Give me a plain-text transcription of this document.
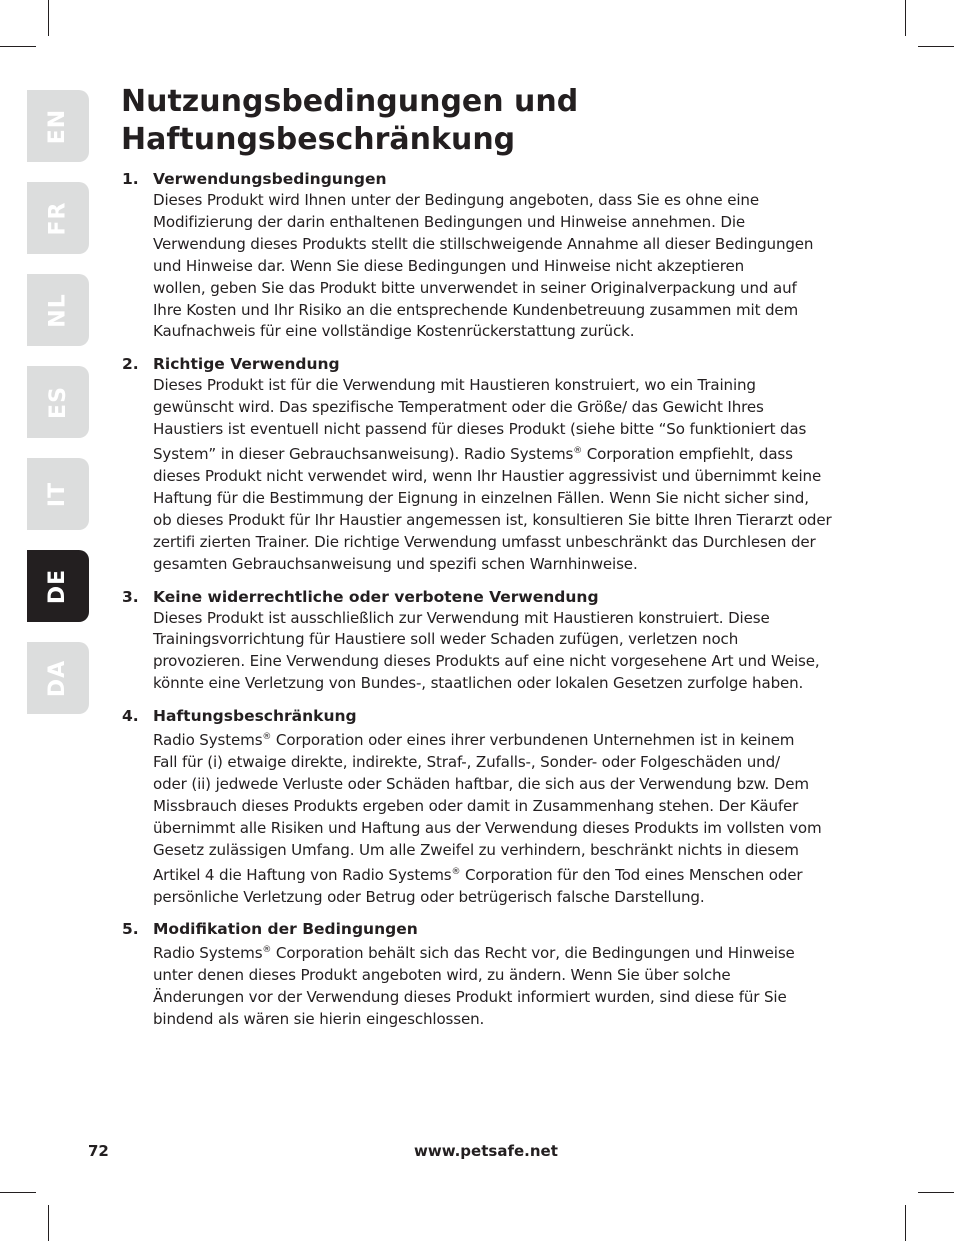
EN
FR
NL
ES
IT
DE
DA
Nutzungsbedingungen und
Haftungsbeschränkung
1. Verwendungsbedingungen
Dieses Produkt wird Ihnen unter der Bedingung angeboten, dass Sie es ohne eine
Modifizierung der darin enthaltenen Bedingungen und Hinweise annehmen. Die
Verwendung dieses Produkts stellt die stillschweigende Annahme all dieser Bedingungen
und Hinweise dar. Wenn Sie diese Bedingungen und Hinweise nicht akzeptieren
wollen, geben Sie das Produkt bitte unverwendet in seiner Originalverpackung und auf
Ihre Kosten und Ihr Risiko an die entsprechende Kundenbetreuung zusammen mit dem
Kaufnachweis für eine vollständige Kostenrückerstattung zurück.
2. Richtige Verwendung
Dieses Produkt ist für die Verwendung mit Haustieren konstruiert, wo ein Training
gewünscht wird. Das spezifische Temperatment oder die Größe/ das Gewicht Ihres
Haustiers ist eventuell nicht passend für dieses Produkt (siehe bitte “So funktioniert das
System” in dieser Gebrauchsanweisung). Radio Systems® Corporation empfiehlt, dass
dieses Produkt nicht verwendet wird, wenn Ihr Haustier aggressivist und übernimmt keine
Haftung für die Bestimmung der Eignung in einzelnen Fällen. Wenn Sie nicht sicher sind,
ob dieses Produkt für Ihr Haustier angemessen ist, konsultieren Sie bitte Ihren Tierarzt oder
zertifi zierten Trainer. Die richtige Verwendung umfasst unbeschränkt das Durchlesen der
gesamten Gebrauchsanweisung und spezifi schen Warnhinweise.
3. Keine widerrechtliche oder verbotene Verwendung
Dieses Produkt ist ausschließlich zur Verwendung mit Haustieren konstruiert. Diese
Trainingsvorrichtung für Haustiere soll weder Schaden zufügen, verletzen noch
provozieren. Eine Verwendung dieses Produkts auf eine nicht vorgesehene Art und Weise,
könnte eine Verletzung von Bundes-, staatlichen oder lokalen Gesetzen zurfolge haben.
4. Haftungsbeschränkung
Radio Systems® Corporation oder eines ihrer verbundenen Unternehmen ist in keinem
Fall für (i) etwaige direkte, indirekte, Straf-, Zufalls-, Sonder- oder Folgeschäden und/
oder (ii) jedwede Verluste oder Schäden haftbar, die sich aus der Verwendung bzw. Dem
Missbrauch dieses Produkts ergeben oder damit in Zusammenhang stehen. Der Käufer
übernimmt alle Risiken und Haftung aus der Verwendung dieses Produkts im vollsten vom
Gesetz zulässigen Umfang. Um alle Zweifel zu verhindern, beschränkt nichts in diesem
Artikel 4 die Haftung von Radio Systems® Corporation für den Tod eines Menschen oder
persönliche Verletzung oder Betrug oder betrügerisch falsche Darstellung.
5. Modifikation der Bedingungen
Radio Systems® Corporation behält sich das Recht vor, die Bedingungen und Hinweise
unter denen dieses Produkt angeboten wird, zu ändern. Wenn Sie über solche
Änderungen vor der Verwendung dieses Produkt informiert wurden, sind diese für Sie
bindend als wären sie hierin eingeschlossen.
72	www.petsafe.net
